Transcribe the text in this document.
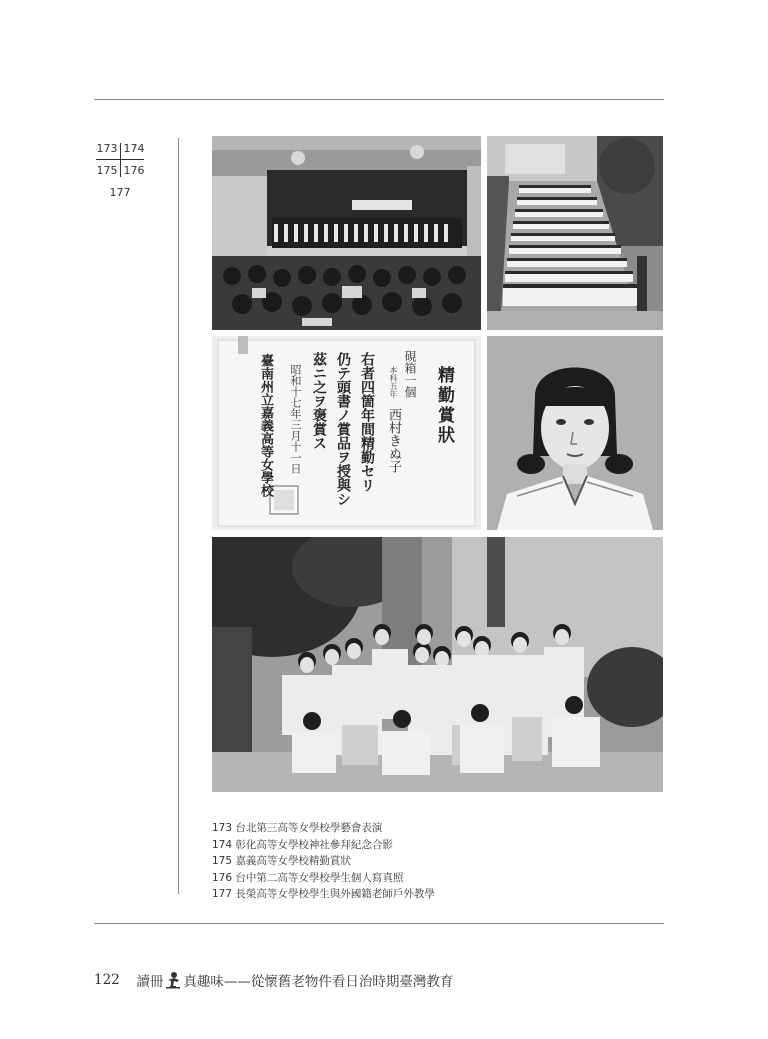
173 174
175 176
177
精勤賞狀
硯箱一個
本科五年
西村きぬ子
右者四箇年間精勤セリ
仍テ頭書ノ賞品ヲ授與シ
茲ニ之ヲ褒賞ス
昭和十七年三月十一日
臺南州立嘉義高等女學校
173 台北第三高等女學校學藝會表演
174 彰化高等女學校神社參拜紀念合影
175 嘉義高等女學校精勤賞狀
176 台中第二高等女學校學生個人寫真照
177 長榮高等女學校學生與外國籍老師戶外教學
122 讀冊 真趣味——從懷舊老物件看日治時期臺灣教育
